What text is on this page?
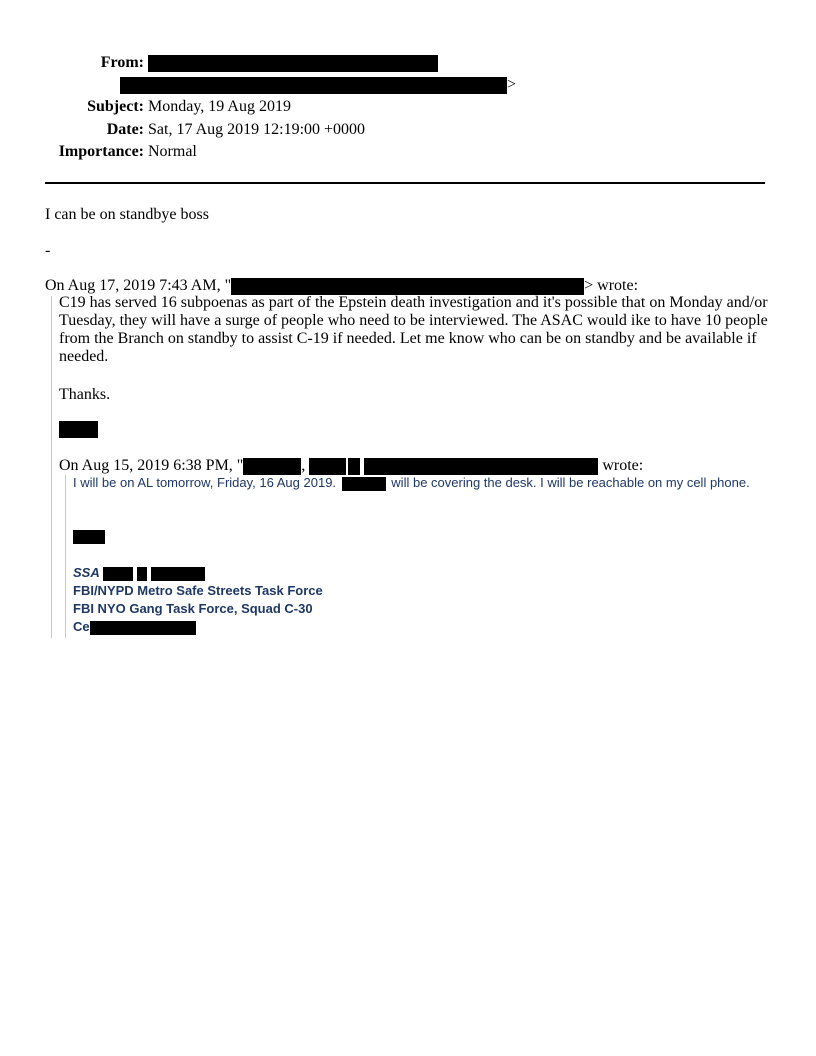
From:
>
Subject: Monday, 19 Aug 2019
Date: Sat, 17 Aug 2019 12:19:00 +0000
Importance: Normal
I can be on standbye boss
-
On Aug 17, 2019 7:43 AM, "	> wrote:
C19 has served 16 subpoenas as part of the Epstein death investigation and it's possible that on Monday and/or Tuesday, they will have a surge of people who need to be interviewed. The ASAC would ike to have 10 people from the Branch on standby to assist C-19 if needed. Let me know who can be on standby and be available if needed.
Thanks.
On Aug 15, 2019 6:38 PM, "	,	wrote:
I will be on AL tomorrow, Friday, 16 Aug 2019.	will be covering the desk. I will be reachable on my cell phone.
SSA
FBI/NYPD Metro Safe Streets Task Force
FBI NYO Gang Task Force, Squad C-30
Ce
